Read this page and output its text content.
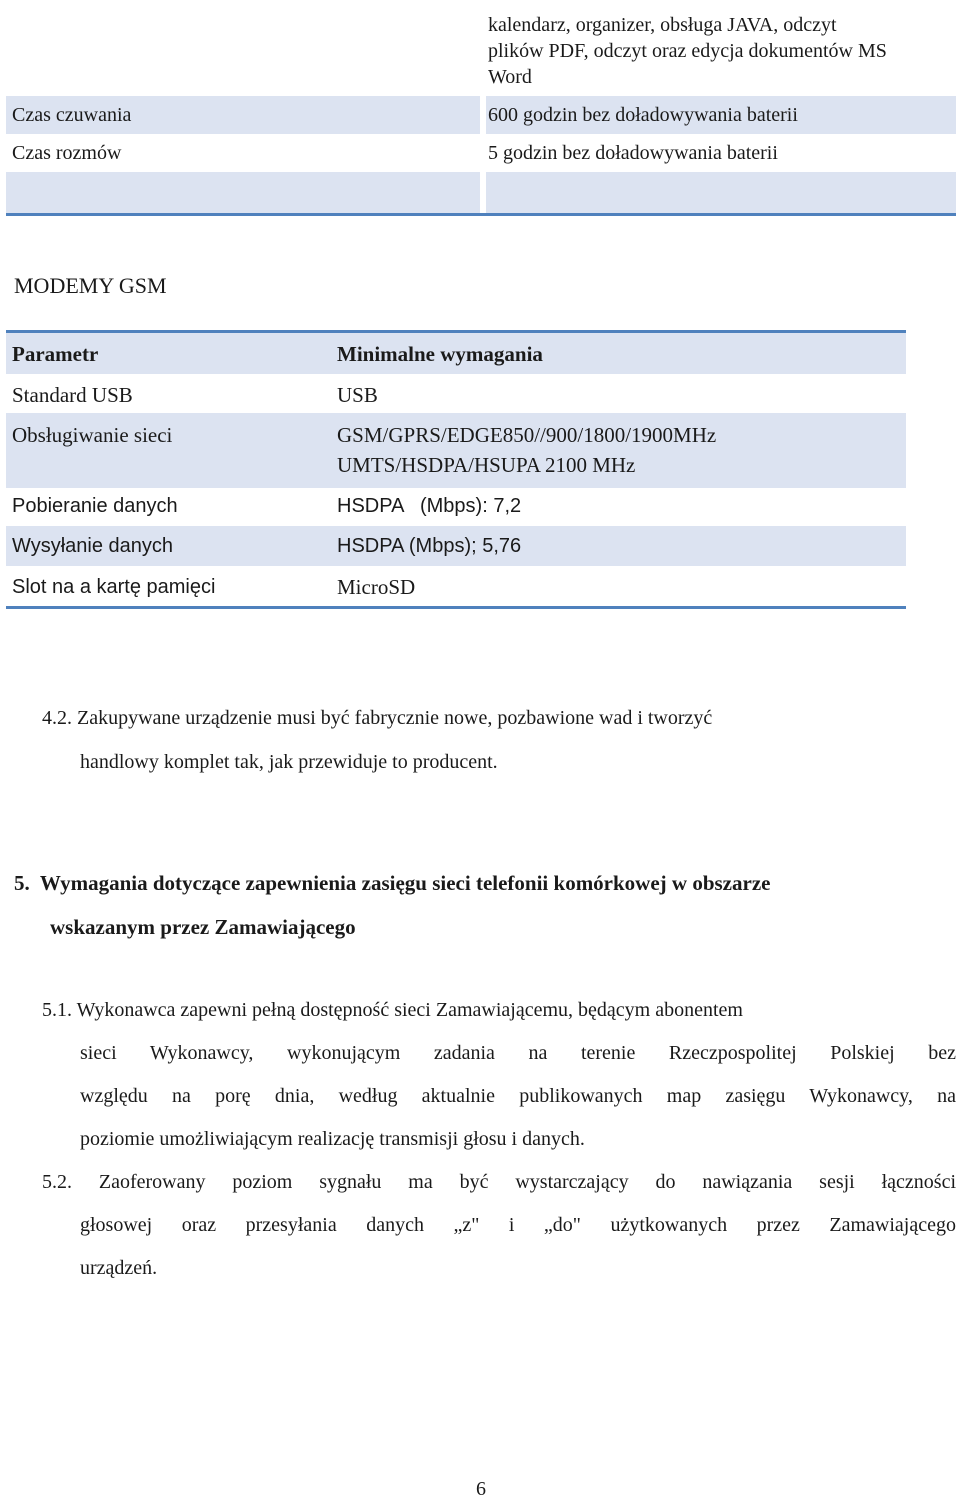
kalendarz, organizer, obsługa JAVA, odczyt
plików PDF, odczyt oraz edycja dokumentów MS
Word
Czas czuwania	600 godzin bez doładowywania baterii
Czas rozmów	5 godzin bez doładowywania baterii
MODEMY GSM
Parametr	Minimalne wymagania
Standard USB	USB
Obsługiwanie sieci	GSM/GPRS/EDGE850//900/1800/1900MHz
UMTS/HSDPA/HSUPA 2100 MHz
Pobieranie danych	HSDPA   (Mbps): 7,2
Wysyłanie danych	HSDPA (Mbps); 5,76
Slot na a kartę pamięci	MicroSD
4.2. Zakupywane urządzenie musi być fabrycznie nowe, pozbawione wad i tworzyć
handlowy komplet tak, jak przewiduje to producent.
5.  Wymagania dotyczące zapewnienia zasięgu sieci telefonii komórkowej w obszarze
wskazanym przez Zamawiającego
5.1. Wykonawca zapewni pełną dostępność sieci Zamawiającemu, będącym abonentem
sieci Wykonawcy, wykonującym zadania na terenie Rzeczpospolitej Polskiej bez
względu na porę dnia, według aktualnie publikowanych map zasięgu Wykonawcy, na
poziomie umożliwiającym realizację transmisji głosu i danych.
5.2. Zaoferowany poziom sygnału ma być wystarczający do nawiązania sesji łączności
głosowej oraz przesyłania danych „z" i „do" użytkowanych przez Zamawiającego
urządzeń.
6
